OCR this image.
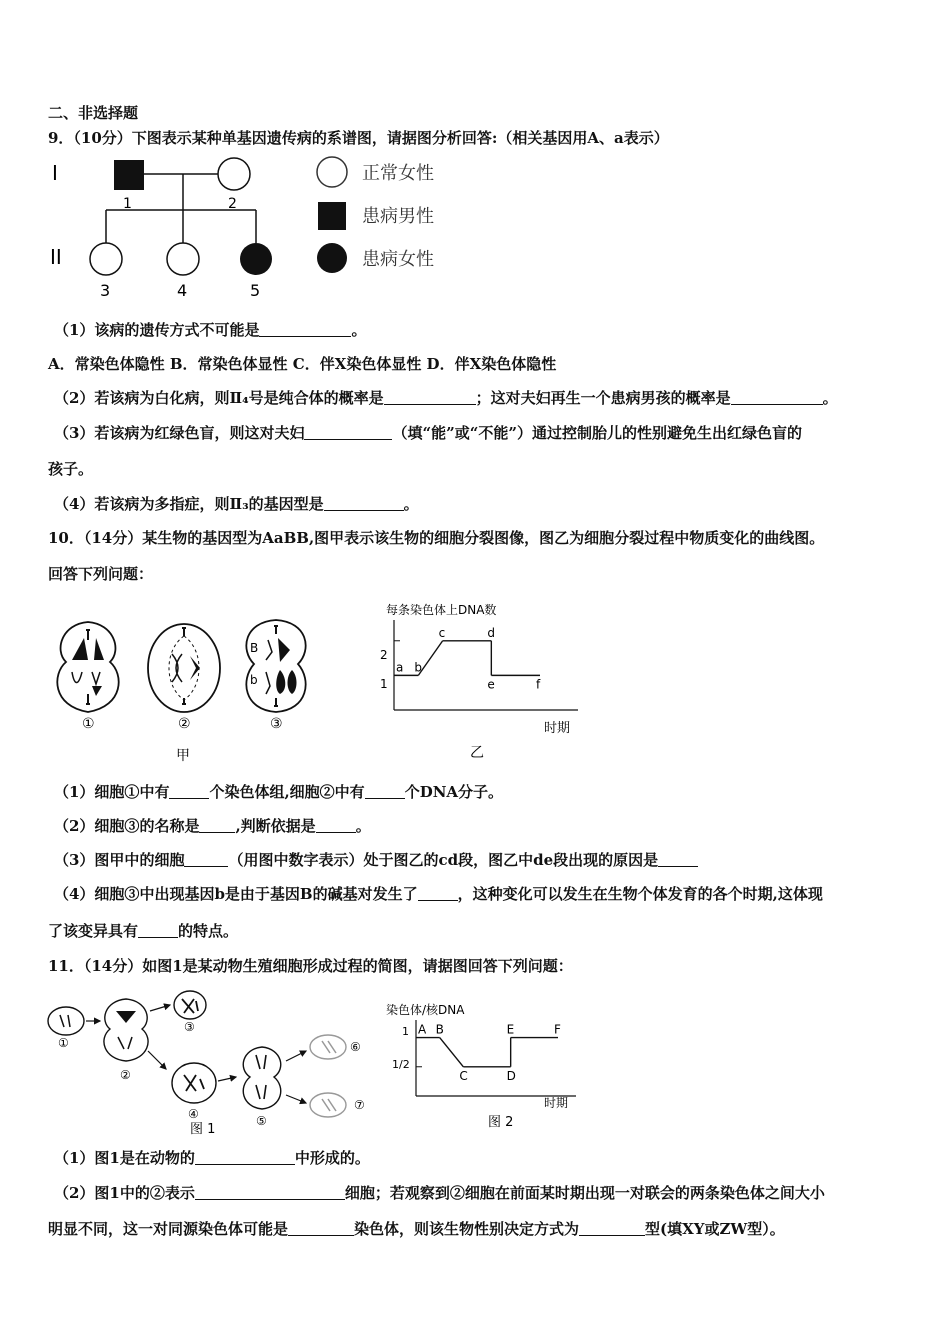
二、非选择题
9．（10分）下图表示某种单基因遗传病的系谱图，请据图分析回答:（相关基因用A、a表示）
I
II
1	2
3	4	5
正常女性
患病男性
患病女性
（1）该病的遗传方式不可能是	。
A．常染色体隐性 B．常染色体显性 C．伴X染色体显性 D．伴X染色体隐性
（2）若该病为白化病，则Ⅱ₄号是纯合体的概率是	；这对夫妇再生一个患病男孩的概率是	。
（3）若该病为红绿色盲，则这对夫妇	（填“能”或“不能”）通过控制胎儿的性别避免生出红绿色盲的
孩子。
（4）若该病为多指症，则Ⅱ₃的基因型是	。
10．（14分）某生物的基因型为AaBB,图甲表示该生物的细胞分裂图像，图乙为细胞分裂过程中物质变化的曲线图。
回答下列问题：
①	②
B
b
③
甲
每条染色体上DNA数
2
1
时期
a b
c	d
e	f
乙
（1）细胞①中有	个染色体组,细胞②中有	个DNA分子。
（2）细胞③的名称是 ,判断依据是	。
（3）图甲中的细胞	（用图中数字表示）处于图乙的cd段，图乙中de段出现的原因是
（4）细胞③中出现基因b是由于基因B的碱基对发生了	，这种变化可以发生在生物个体发育的各个时期,这体现
了该变异具有	的特点。
11．（14分）如图1是某动物生殖细胞形成过程的简图，请据图回答下列问题：
①
②
③
④	⑤
⑥
⑦
图 1
染色体/核DNA
1
1/2
时期
A B
C	D
E	F
图 2
（1）图1是在动物的	中形成的。
（2）图1中的②表示	细胞；若观察到②细胞在前面某时期出现一对联会的两条染色体之间大小
明显不同，这一对同源染色体可能是	染色体，则该生物性别决定方式为	型(填XY或ZW型）。
